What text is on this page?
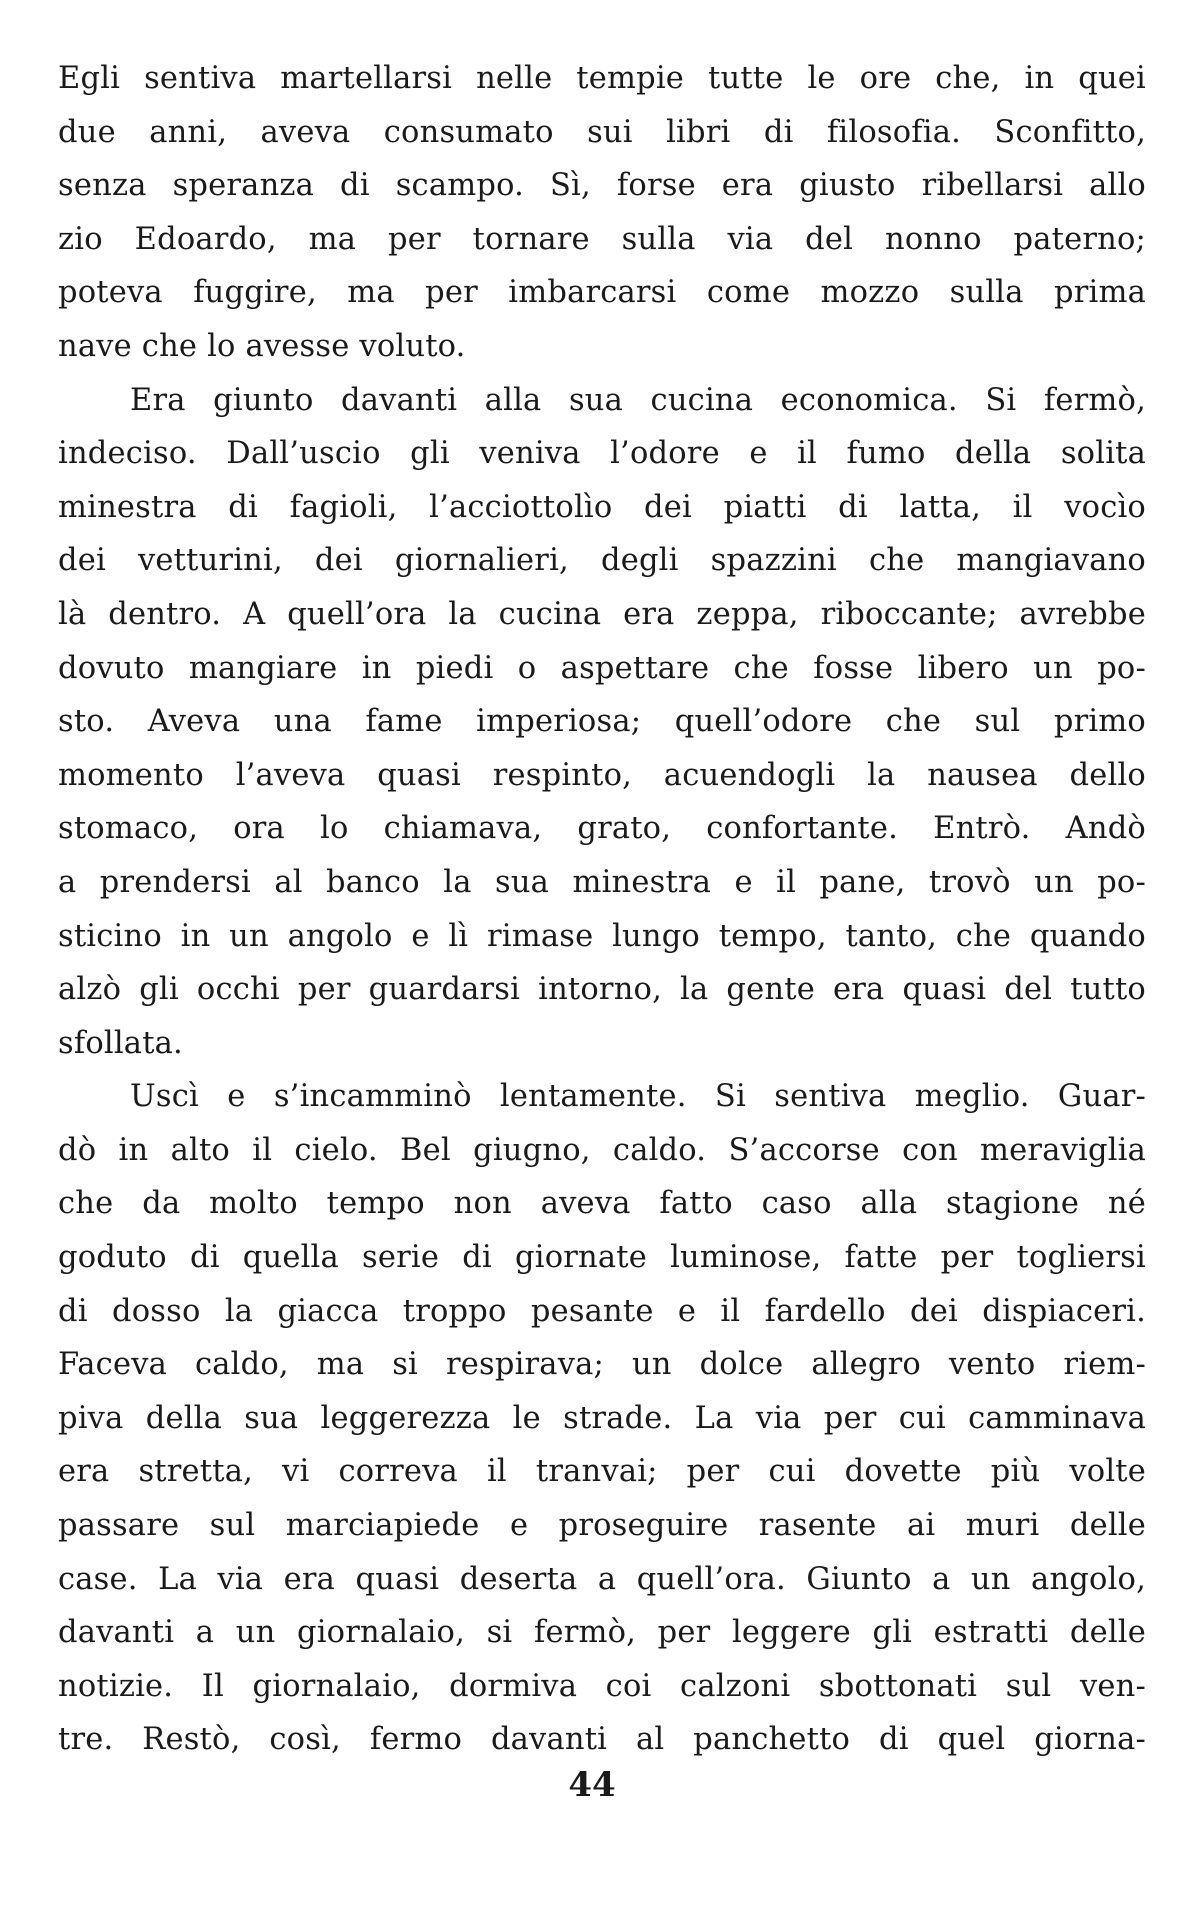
Egli sentiva martellarsi nelle tempie tutte le ore che, in quei
due anni, aveva consumato sui libri di filosofia. Sconfitto,
senza speranza di scampo. Sì, forse era giusto ribellarsi allo
zio Edoardo, ma per tornare sulla via del nonno paterno;
poteva fuggire, ma per imbarcarsi come mozzo sulla prima
nave che lo avesse voluto.
Era giunto davanti alla sua cucina economica. Si fermò,
indeciso. Dall’uscio gli veniva l’odore e il fumo della solita
minestra di fagioli, l’acciottolìo dei piatti di latta, il vocìo
dei vetturini, dei giornalieri, degli spazzini che mangiavano
là dentro. A quell’ora la cucina era zeppa, riboccante; avrebbe
dovuto mangiare in piedi o aspettare che fosse libero un po-
sto. Aveva una fame imperiosa; quell’odore che sul primo
momento l’aveva quasi respinto, acuendogli la nausea dello
stomaco, ora lo chiamava, grato, confortante. Entrò. Andò
a prendersi al banco la sua minestra e il pane, trovò un po-
sticino in un angolo e lì rimase lungo tempo, tanto, che quando
alzò gli occhi per guardarsi intorno, la gente era quasi del tutto
sfollata.
Uscì e s’incamminò lentamente. Si sentiva meglio. Guar-
dò in alto il cielo. Bel giugno, caldo. S’accorse con meraviglia
che da molto tempo non aveva fatto caso alla stagione né
goduto di quella serie di giornate luminose, fatte per togliersi
di dosso la giacca troppo pesante e il fardello dei dispiaceri.
Faceva caldo, ma si respirava; un dolce allegro vento riem-
piva della sua leggerezza le strade. La via per cui camminava
era stretta, vi correva il tranvai; per cui dovette più volte
passare sul marciapiede e proseguire rasente ai muri delle
case. La via era quasi deserta a quell’ora. Giunto a un angolo,
davanti a un giornalaio, si fermò, per leggere gli estratti delle
notizie. Il giornalaio, dormiva coi calzoni sbottonati sul ven-
tre. Restò, così, fermo davanti al panchetto di quel giorna-
44
